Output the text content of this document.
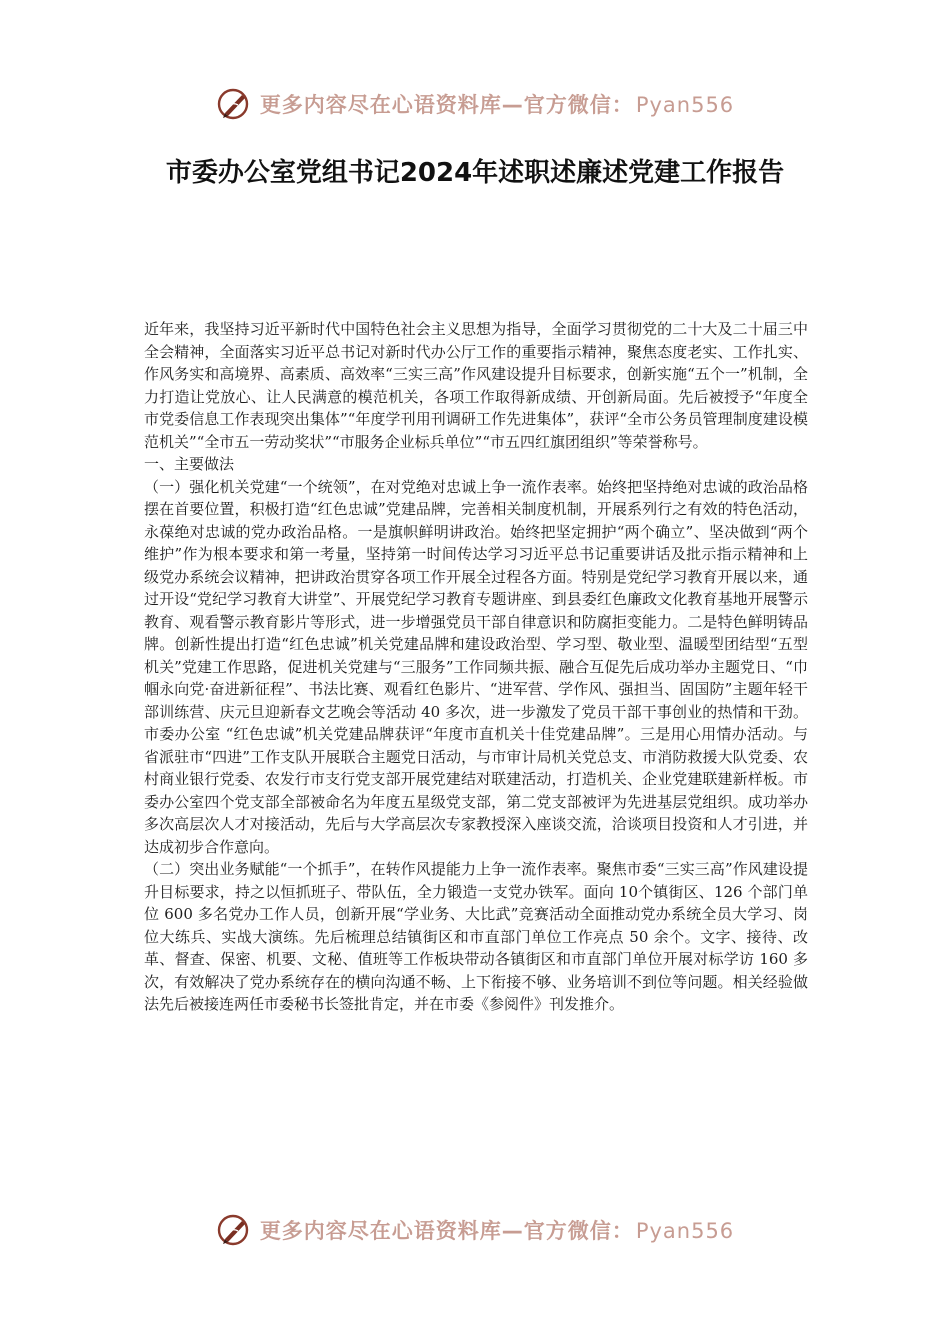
更多内容尽在心语资料库—官方微信：Pyan556
市委办公室党组书记2024年述职述廉述党建工作报告

近年来，我坚持习近平新时代中国特色社会主义思想为指导，全面学习贯彻党的二十大及二十届三中全会精神，全面落实习近平总书记对新时代办公厅工作的重要指示精神，聚焦态度老实、工作扎实、作风务实和高境界、高素质、高效率“三实三高”作风建设提升目标要求，创新实施“五个一”机制，全力打造让党放心、让人民满意的模范机关，各项工作取得新成绩、开创新局面。先后被授予“年度全市党委信息工作表现突出集体”“年度学刊用刊调研工作先进集体”，获评“全市公务员管理制度建设模范机关”“全市五一劳动奖状”“市服务企业标兵单位”“市五四红旗团组织”等荣誉称号。

一、主要做法

（一）强化机关党建“一个统领”，在对党绝对忠诚上争一流作表率。始终把坚持绝对忠诚的政治品格摆在首要位置，积极打造“红色忠诚”党建品牌，完善相关制度机制，开展系列行之有效的特色活动，永葆绝对忠诚的党办政治品格。一是旗帜鲜明讲政治。始终把坚定拥护“两个确立”、坚决做到“两个维护”作为根本要求和第一考量，坚持第一时间传达学习习近平总书记重要讲话及批示指示精神和上级党办系统会议精神，把讲政治贯穿各项工作开展全过程各方面。特别是党纪学习教育开展以来，通过开设“党纪学习教育大讲堂”、开展党纪学习教育专题讲座、到县委红色廉政文化教育基地开展警示教育、观看警示教育影片等形式，进一步增强党员干部自律意识和防腐拒变能力。二是特色鲜明铸品牌。创新性提出打造“红色忠诚”机关党建品牌和建设政治型、学习型、敬业型、温暖型团结型“五型机关”党建工作思路，促进机关党建与“三服务”工作同频共振、融合互促先后成功举办主题党日、“巾帼永向党·奋进新征程”、书法比赛、观看红色影片、“进军营、学作风、强担当、固国防”主题年轻干部训练营、庆元旦迎新春文艺晚会等活动 40 多次，进一步激发了党员干部干事创业的热情和干劲。市委办公室 “红色忠诚”机关党建品牌获评“年度市直机关十佳党建品牌”。三是用心用情办活动。与省派驻市“四进”工作支队开展联合主题党日活动，与市审计局机关党总支、市消防救援大队党委、农村商业银行党委、农发行市支行党支部开展党建结对联建活动，打造机关、企业党建联建新样板。市委办公室四个党支部全部被命名为年度五星级党支部，第二党支部被评为先进基层党组织。成功举办多次高层次人才对接活动，先后与大学高层次专家教授深入座谈交流，洽谈项目投资和人才引进，并达成初步合作意向。

（二）突出业务赋能“一个抓手”，在转作风提能力上争一流作表率。聚焦市委“三实三高”作风建设提升目标要求，持之以恒抓班子、带队伍，全力锻造一支党办铁军。面向 10个镇街区、126 个部门单位 600 多名党办工作人员，创新开展“学业务、大比武”竞赛活动全面推动党办系统全员大学习、岗位大练兵、实战大演练。先后梳理总结镇街区和市直部门单位工作亮点 50 余个。文字、接待、改革、督查、保密、机要、文秘、值班等工作板块带动各镇街区和市直部门单位开展对标学访 160 多次，有效解决了党办系统存在的横向沟通不畅、上下衔接不够、业务培训不到位等问题。相关经验做法先后被接连两任市委秘书长签批肯定，并在市委《参阅件》刊发推介。

更多内容尽在心语资料库—官方微信：Pyan556
